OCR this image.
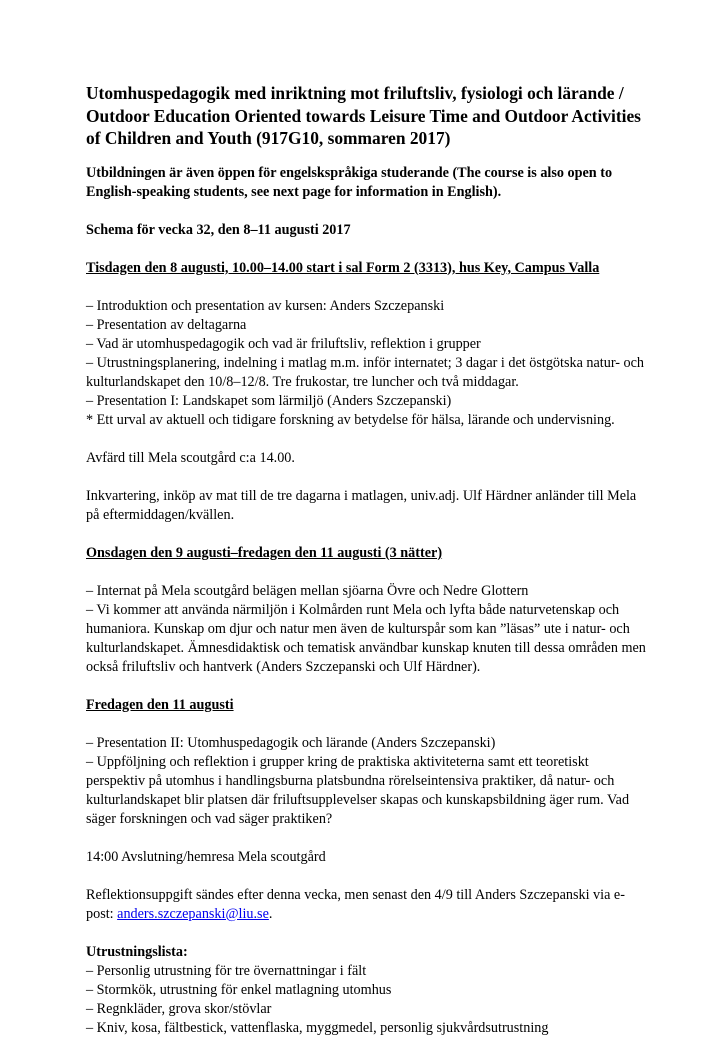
Utomhuspedagogik med inriktning mot friluftsliv, fysiologi och lärande / Outdoor Education Oriented towards Leisure Time and Outdoor Activities of Children and Youth (917G10, sommaren 2017)

Utbildningen är även öppen för engelskspråkiga studerande (The course is also open to English-speaking students, see next page for information in English).

Schema för vecka 32, den 8–11 augusti 2017

Tisdagen den 8 augusti, 10.00–14.00 start i sal Form 2 (3313), hus Key, Campus Valla

– Introduktion och presentation av kursen: Anders Szczepanski
– Presentation av deltagarna
– Vad är utomhuspedagogik och vad är friluftsliv, reflektion i grupper
– Utrustningsplanering, indelning i matlag m.m. inför internatet; 3 dagar i det östgötska natur- och kulturlandskapet den 10/8–12/8. Tre frukostar, tre luncher och två middagar.
– Presentation I: Landskapet som lärmiljö (Anders Szczepanski)
* Ett urval av aktuell och tidigare forskning av betydelse för hälsa, lärande och undervisning.

Avfärd till Mela scoutgård c:a 14.00.

Inkvartering, inköp av mat till de tre dagarna i matlagen, univ.adj. Ulf Härdner anländer till Mela på eftermiddagen/kvällen.

Onsdagen den 9 augusti–fredagen den 11 augusti (3 nätter)

– Internat på Mela scoutgård belägen mellan sjöarna Övre och Nedre Glottern
– Vi kommer att använda närmiljön i Kolmården runt Mela och lyfta både naturvetenskap och humaniora. Kunskap om djur och natur men även de kulturspår som kan ”läsas” ute i natur- och kulturlandskapet. Ämnesdidaktisk och tematisk användbar kunskap knuten till dessa områden men också friluftsliv och hantverk (Anders Szczepanski och Ulf Härdner).

Fredagen den 11 augusti

– Presentation II: Utomhuspedagogik och lärande (Anders Szczepanski)
– Uppföljning och reflektion i grupper kring de praktiska aktiviteterna samt ett teoretiskt perspektiv på utomhus i handlingsburna platsbundna rörelseintensiva praktiker, då natur- och kulturlandskapet blir platsen där friluftsupplevelser skapas och kunskapsbildning äger rum. Vad säger forskningen och vad säger praktiken?

14:00 Avslutning/hemresa Mela scoutgård

Reflektionsuppgift sändes efter denna vecka, men senast den 4/9 till Anders Szczepanski via e-post: anders.szczepanski@liu.se.

Utrustningslista:
– Personlig utrustning för tre övernattningar i fält
– Stormkök, utrustning för enkel matlagning utomhus
– Regnkläder, grova skor/stövlar
– Kniv, kosa, fältbestick, vattenflaska, myggmedel, personlig sjukvårdsutrustning
